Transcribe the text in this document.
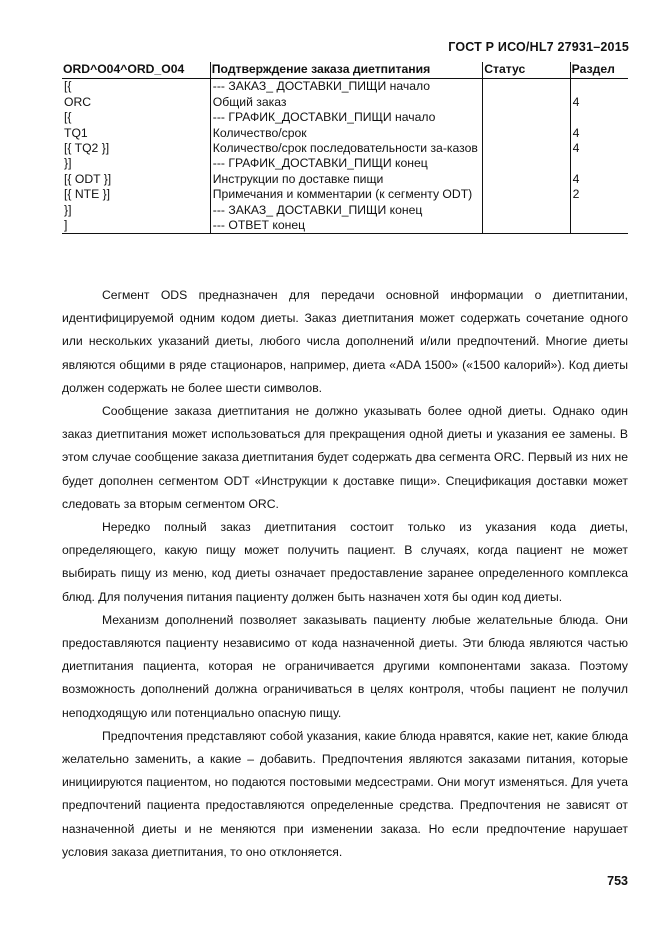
ГОСТ Р ИСО/HL7 27931–2015
ORD^O04^ORD_O04	Подтверждение заказа диетпитания	Статус	Раздел
[{	--- ЗАКАЗ_ ДОСТАВКИ_ПИЩИ начало		
ORC	Общий заказ		4
[{	--- ГРАФИК_ДОСТАВКИ_ПИЩИ начало		
TQ1	Количество/срок		4
[{ TQ2 }]	Количество/срок последовательности за-казов		4
}]	--- ГРАФИК_ДОСТАВКИ_ПИЩИ конец		
[{ ODT }]	Инструкции по доставке пищи		4
[{ NTE }]	Примечания и комментарии (к сегменту ODT)		2
}]	--- ЗАКАЗ_ ДОСТАВКИ_ПИЩИ конец		
]	--- ОТВЕТ конец		

Сегмент ODS предназначен для передачи основной информации о диетпитании, идентифицируемой одним кодом диеты. Заказ диетпитания может содержать сочетание одного или нескольких указаний диеты, любого числа дополнений и/или предпочтений. Многие диеты являются общими в ряде стационаров, например, диета «ADA 1500» («1500 калорий»). Код диеты должен содержать не более шести символов.

Сообщение заказа диетпитания не должно указывать более одной диеты. Однако один заказ диетпитания может использоваться для прекращения одной диеты и указания ее замены. В этом случае сообщение заказа диетпитания будет содержать два сегмента ORC. Первый из них не будет дополнен сегментом ODT «Инструкции к доставке пищи». Спецификация доставки может следовать за вторым сегментом ORC.

Нередко полный заказ диетпитания состоит только из указания кода диеты, определяющего, какую пищу может получить пациент. В случаях, когда пациент не может выбирать пищу из меню, код диеты означает предоставление заранее определенного комплекса блюд. Для получения питания пациенту должен быть назначен хотя бы один код диеты.

Механизм дополнений позволяет заказывать пациенту любые желательные блюда. Они предоставляются пациенту независимо от кода назначенной диеты. Эти блюда являются частью диетпитания пациента, которая не ограничивается другими компонентами заказа. Поэтому возможность дополнений должна ограничиваться в целях контроля, чтобы пациент не получил неподходящую или потенциально опасную пищу.

Предпочтения представляют собой указания, какие блюда нравятся, какие нет, какие блюда желательно заменить, а какие – добавить. Предпочтения являются заказами питания, которые инициируются пациентом, но подаются постовыми медсестрами. Они могут изменяться. Для учета предпочтений пациента предоставляются определенные средства. Предпочтения не зависят от назначенной диеты и не меняются при изменении заказа. Но если предпочтение нарушает условия заказа диетпитания, то оно отклоняется.

753
